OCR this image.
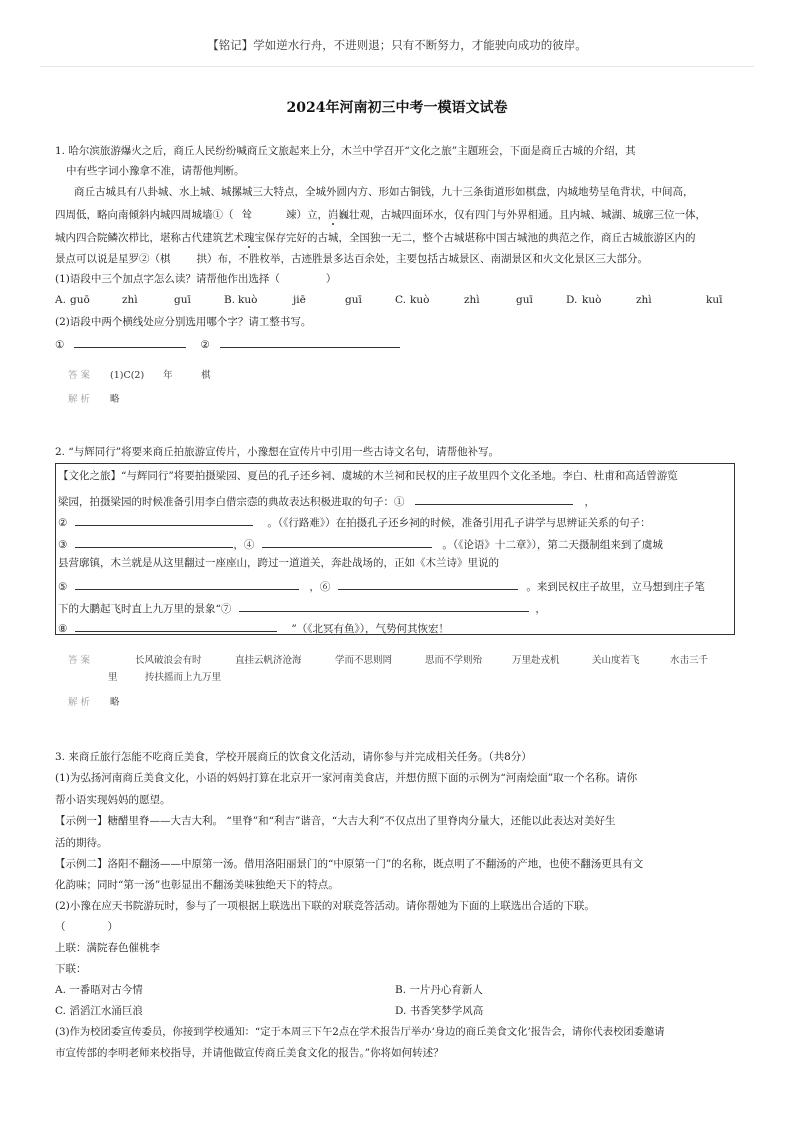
【铭记】学如逆水行舟，不进则退；只有不断努力，才能驶向成功的彼岸。
2024年河南初三中考一模语文试卷
1. 哈尔滨旅游爆火之后，商丘人民纷纷喊商丘文旅起来上分，木兰中学召开“文化之旅”主题班会，下面是商丘古城的介绍，其
中有些字词小豫拿不准，请帮他判断。
商丘古城具有八卦城、水上城、城摞城三大特点，全城外圆内方、形如古铜钱，九十三条街道形如棋盘，内城地势呈龟背状，中间高，
四周低，略向南倾斜内城四周城墙①（ 耸	竦）立，岿巍壮观，古城四面环水，仅有四门与外界相通。且内城、城湖、城廓三位一体，
城内四合院鳞次栉比，堪称古代建筑艺术瑰宝保存完好的古城，全国独一无二，整个古城堪称中国古城池的典范之作，商丘古城旅游区内的
景点可以说是星罗②（棋 拱）布，不胜枚举，古迹胜景多达百余处，主要包括古城景区、南湖景区和火文化景区三大部分。
(1)语段中三个加点字怎么读？请帮他作出选择（	）
A. guō	zhì	guī	B. kuò	jiē	guī	C. kuò	zhì	guī	D. kuò	zhì	kuī
(2)语段中两个横线处应分别选用哪个字？请工整书写。
①	②
答案 (1)C(2)　　年　　　棋
解析 略
2. “与辉同行”将要来商丘拍旅游宣传片，小豫想在宣传片中引用一些古诗文名句，请帮他补写。
【文化之旅】“与辉同行”将要拍摄梁园、夏邑的孔子还乡祠、虞城的木兰祠和民权的庄子故里四个文化圣地。李白、杜甫和高适曾游览
梁园，拍摄梁园的时候准备引用李白借宗悫的典故表达积极进取的句子：①	，
②	。（《行路难》）在拍摄孔子还乡祠的时候，准备引用孔子讲学与思辨证关系的句子：
③	，④	。（《论语》十二章》），第二天摄制组来到了虞城
县营廓镇，木兰就是从这里翻过一座座山，跨过一道道关，奔赴战场的，正如《木兰诗》里说的
⑤	，⑥	。来到民权庄子故里，立马想到庄子笔
下的大鹏起飞时直上九万里的景象“⑦	，
⑧	”（《北冥有鱼》），气势何其恢宏！
答案	长风破浪会有时	直挂云帆济沧海	学而不思则罔	思而不学则殆	万里赴戎机	关山度若飞	水击三千
里	抟扶摇而上九万里
解析 略
3. 来商丘旅行怎能不吃商丘美食，学校开展商丘的饮食文化活动，请你参与并完成相关任务。（共8分）
(1)为弘扬河南商丘美食文化，小语的妈妈打算在北京开一家河南美食店，并想仿照下面的示例为“河南烩面”取一个名称。请你
帮小语实现妈妈的愿望。
【示例一】糖醋里脊——大吉大利。 “里脊”和“利吉”谐音，“大吉大利”不仅点出了里脊肉分量大，还能以此表达对美好生
活的期待。
【示例二】洛阳不翻汤——中原第一汤。借用洛阳丽景门的“中原第一门”的名称，既点明了不翻汤的产地，也使不翻汤更具有文
化韵味；同时“第一汤”也彰显出不翻汤美味独绝天下的特点。
(2)小豫在应天书院游玩时，参与了一项根据上联选出下联的对联竞答活动。请你帮她为下面的上联选出合适的下联。
（　　　　）
上联：满院春色催桃李
下联：
A. 一番晤对古今情	B. 一片丹心育新人
C. 滔滔江水涌巨浪	D. 书香笑梦学风高
(3)作为校团委宣传委员，你接到学校通知：“定于本周三下午2点在学术报告厅举办‘身边的商丘美食文化’报告会，请你代表校团委邀请
市宣传部的李明老师来校指导，并请他做宣传商丘美食文化的报告。”你将如何转述？
